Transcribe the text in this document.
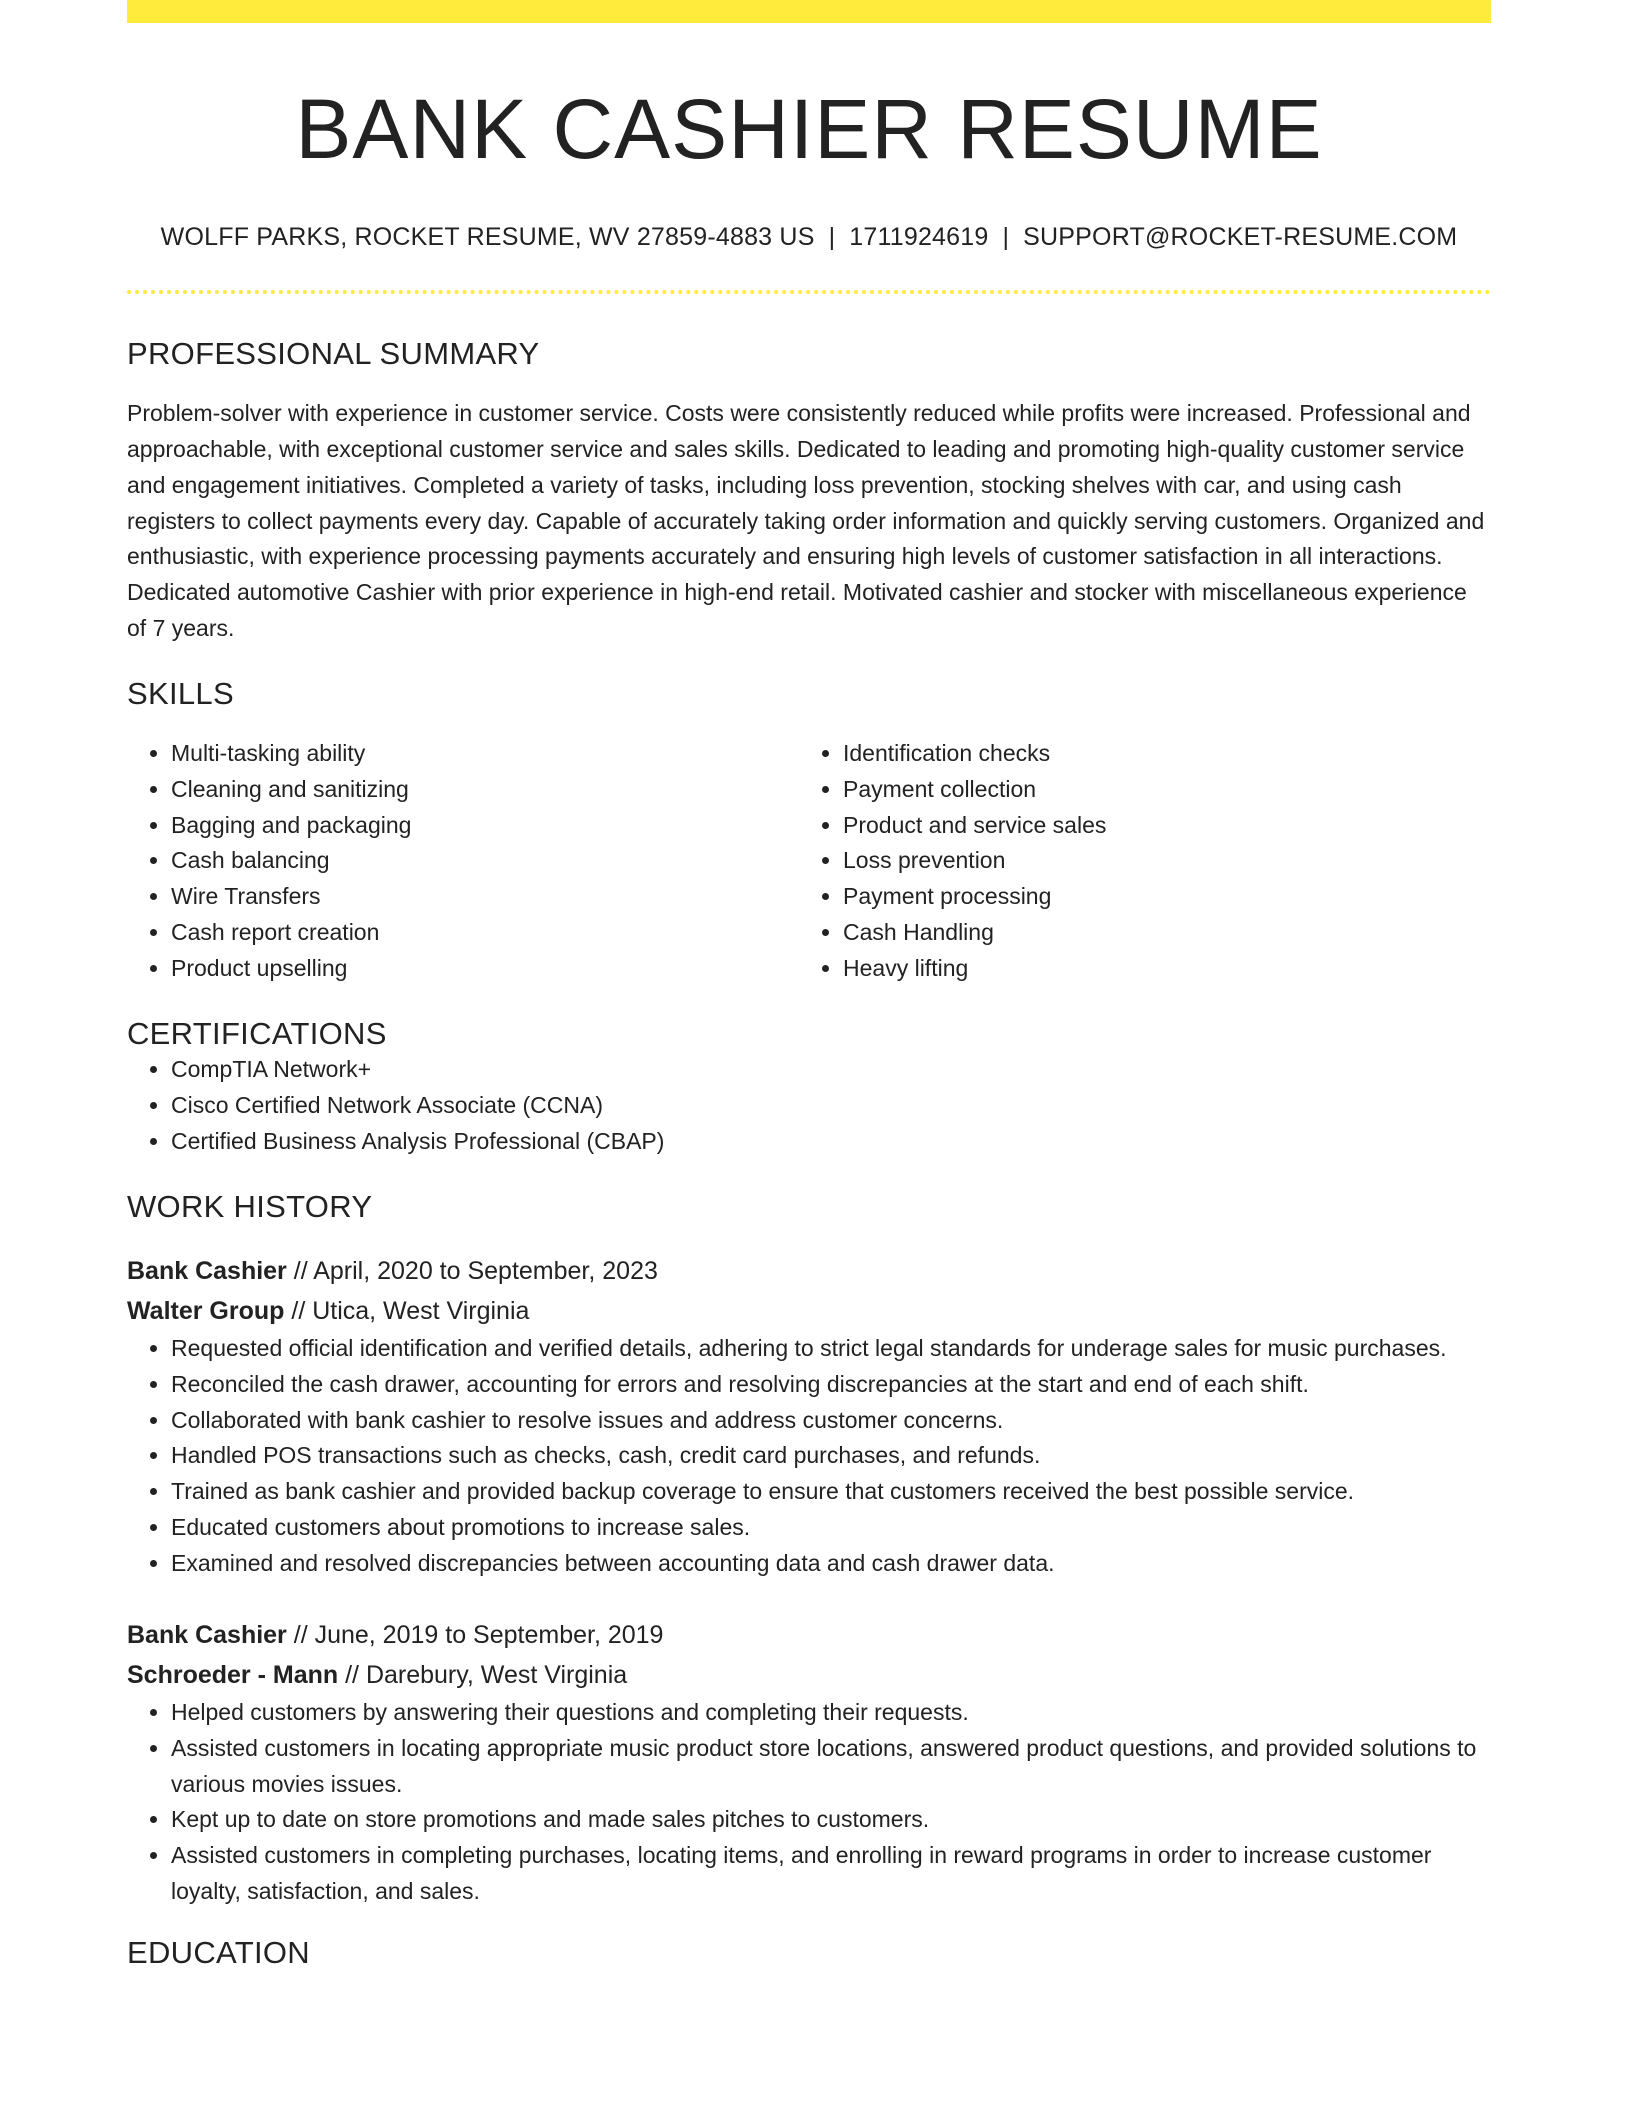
BANK CASHIER RESUME
WOLFF PARKS, ROCKET RESUME, WV 27859-4883 US | 1711924619 | SUPPORT@ROCKET-RESUME.COM
PROFESSIONAL SUMMARY

Problem-solver with experience in customer service. Costs were consistently reduced while profits were increased. Professional and approachable, with exceptional customer service and sales skills. Dedicated to leading and promoting high-quality customer service and engagement initiatives. Completed a variety of tasks, including loss prevention, stocking shelves with car, and using cash registers to collect payments every day. Capable of accurately taking order information and quickly serving customers. Organized and enthusiastic, with experience processing payments accurately and ensuring high levels of customer satisfaction in all interactions. Dedicated automotive Cashier with prior experience in high-end retail. Motivated cashier and stocker with miscellaneous experience of 7 years.

SKILLS
• Multi-tasking ability
• Cleaning and sanitizing
• Bagging and packaging
• Cash balancing
• Wire Transfers
• Cash report creation
• Product upselling
• Identification checks
• Payment collection
• Product and service sales
• Loss prevention
• Payment processing
• Cash Handling
• Heavy lifting
CERTIFICATIONS
• CompTIA Network+
• Cisco Certified Network Associate (CCNA)
• Certified Business Analysis Professional (CBAP)
WORK HISTORY
Bank Cashier // April, 2020 to September, 2023
Walter Group // Utica, West Virginia
• Requested official identification and verified details, adhering to strict legal standards for underage sales for music purchases.
• Reconciled the cash drawer, accounting for errors and resolving discrepancies at the start and end of each shift.
• Collaborated with bank cashier to resolve issues and address customer concerns.
• Handled POS transactions such as checks, cash, credit card purchases, and refunds.
• Trained as bank cashier and provided backup coverage to ensure that customers received the best possible service.
• Educated customers about promotions to increase sales.
• Examined and resolved discrepancies between accounting data and cash drawer data.
Bank Cashier // June, 2019 to September, 2019
Schroeder - Mann // Darebury, West Virginia
• Helped customers by answering their questions and completing their requests.
• Assisted customers in locating appropriate music product store locations, answered product questions, and provided solutions to various movies issues.
• Kept up to date on store promotions and made sales pitches to customers.
• Assisted customers in completing purchases, locating items, and enrolling in reward programs in order to increase customer loyalty, satisfaction, and sales.
EDUCATION
